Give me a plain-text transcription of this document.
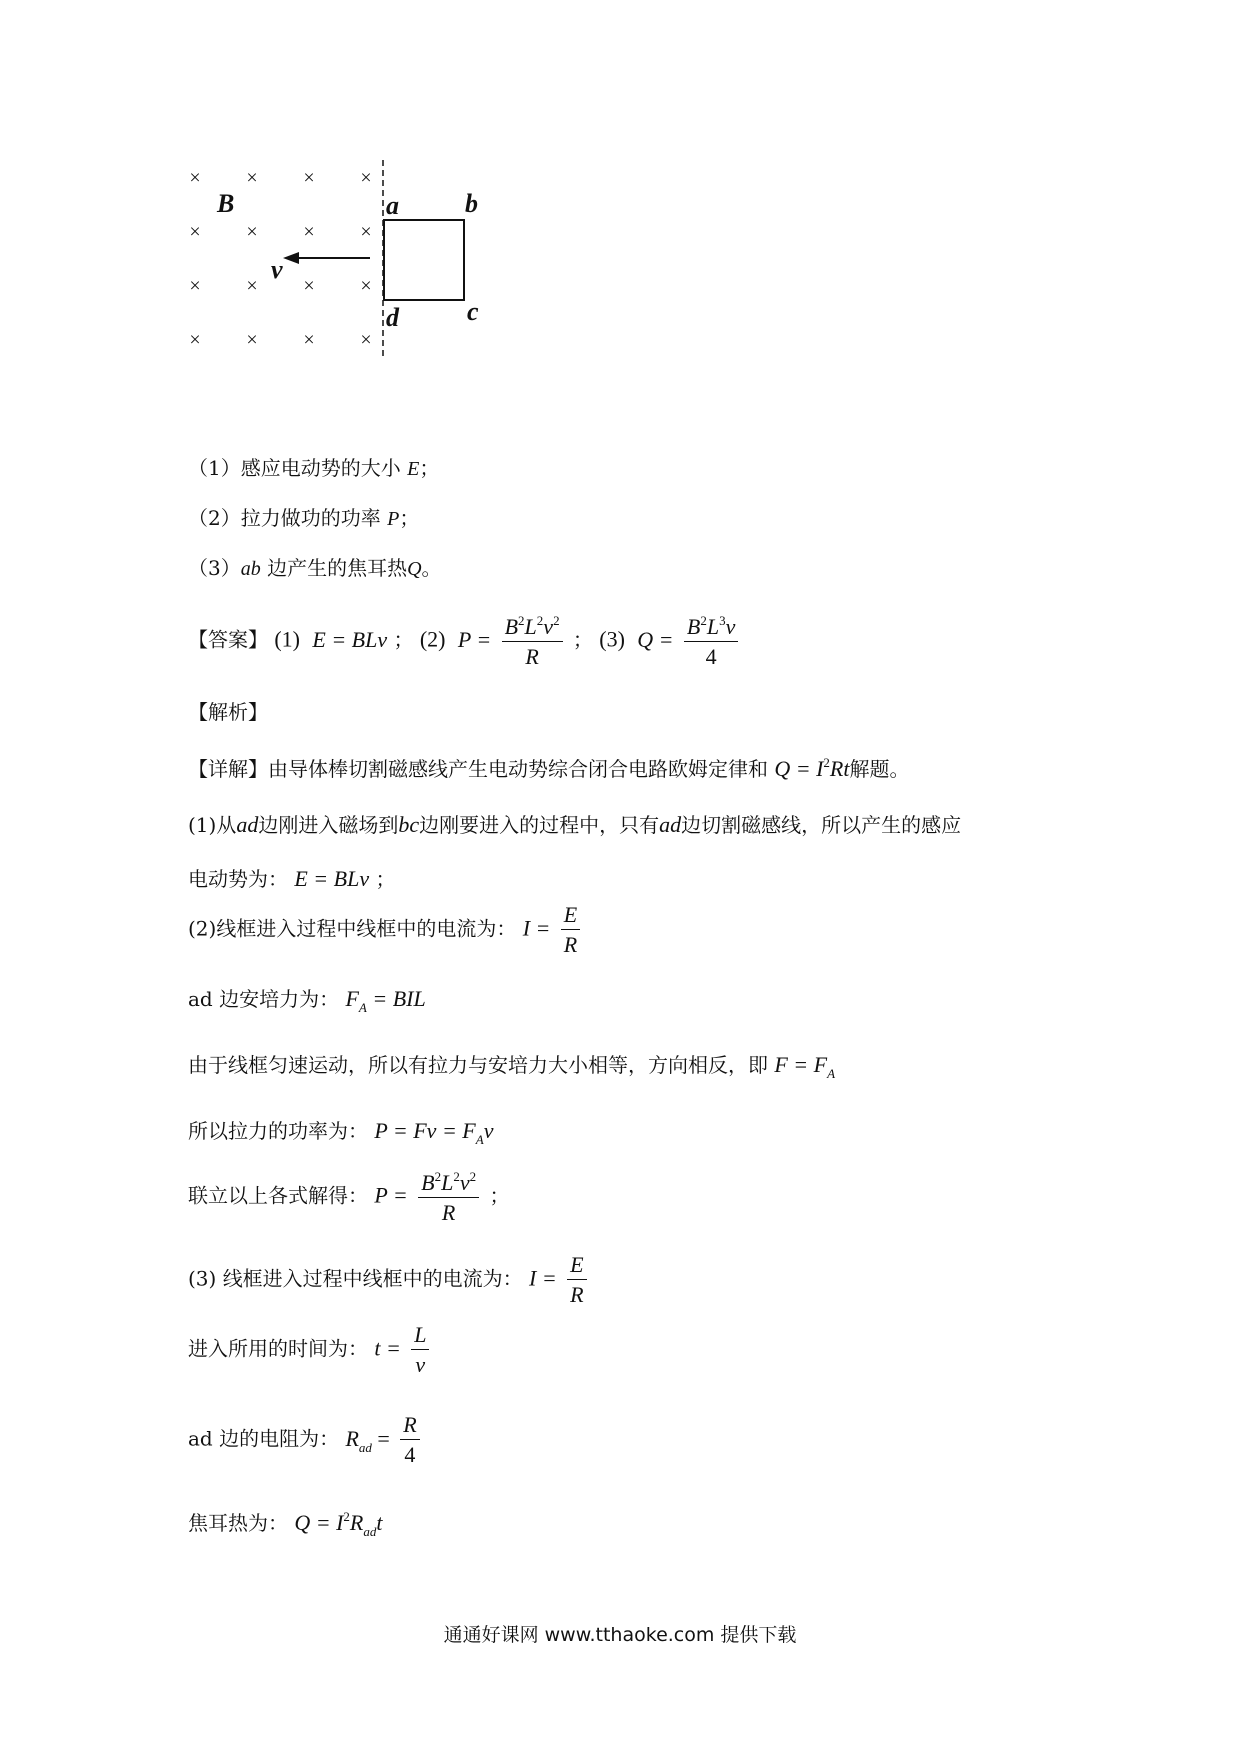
× × × ×
× × × ×
× × × ×
× × × ×
B
v
a	b
c
d
（1）感应电动势的大小 E；
（2）拉力做功的功率 P；
（3）ab 边产生的焦耳热Q。
【答案】 (1) E = BLv ； (2) $P = \frac{B^2L^2v^2}{R}$ ； (3) $Q = \frac{B^2L^3v}{4}$
【解析】
【详解】由导体棒切割磁感线产生电动势综合闭合电路欧姆定律和 $Q = I^2Rt$解题。
(1)从ad边刚进入磁场到bc边刚要进入的过程中，只有ad边切割磁感线，所以产生的感应
电动势为： E = BLv ；
(2)线框进入过程中线框中的电流为： $I = \frac{E}{R}$
ad 边安培力为： $F_A$ = BIL
由于线框匀速运动，所以有拉力与安培力大小相等，方向相反，即 $F = F_A$
所以拉力的功率为： $P = Fv = F_Av$
联立以上各式解得： $P = \frac{B^2L^2v^2}{R}$ ；
(3) 线框进入过程中线框中的电流为： $I = \frac{E}{R}$
进入所用的时间为： $t = \frac{L}{v}$
ad 边的电阻为： $R_{ad} = \frac{R}{4}$
焦耳热为： $Q = I^2R_{ad}t$
通通好课网 www.tthaoke.com 提供下载
